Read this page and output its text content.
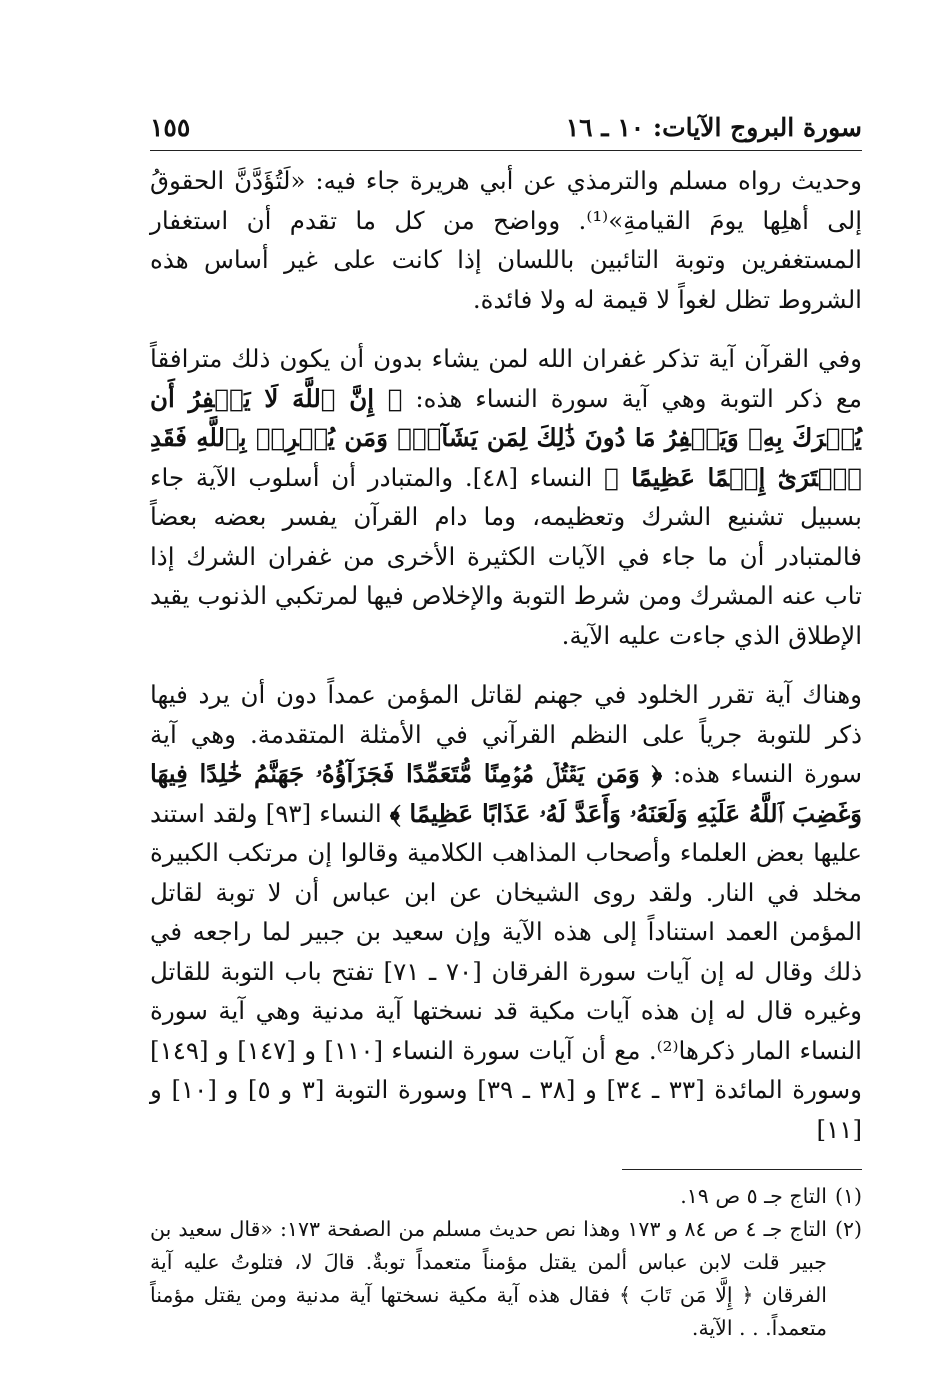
سورة البروج الآيات: ١٠ ـ ١٦
١٥٥

وحديث رواه مسلم والترمذي عن أبي هريرة جاء فيه: «لَتُؤَدَّنَّ الحقوقُ إلى أهلِها يومَ القيامةِ»⁽¹⁾. وواضح من كل ما تقدم أن استغفار المستغفرين وتوبة التائبين باللسان إذا كانت على غير أساس هذه الشروط تظل لغواً لا قيمة له ولا فائدة.

وفي القرآن آية تذكر غفران الله لمن يشاء بدون أن يكون ذلك مترافقاً مع ذكر التوبة وهي آية سورة النساء هذه: ﴿ إِنَّ ٱللَّهَ لَا يَغۡفِرُ أَن يُشۡرَكَ بِهِۦ وَيَغۡفِرُ مَا دُونَ ذَٰلِكَ لِمَن يَشَآءُۚ وَمَن يُشۡرِكۡ بِٱللَّهِ فَقَدِ ٱفۡتَرَىٰٓ إِثۡمًا عَظِيمًا ﴾ النساء [٤٨]. والمتبادر أن أسلوب الآية جاء بسبيل تشنيع الشرك وتعظيمه، وما دام القرآن يفسر بعضه بعضاً فالمتبادر أن ما جاء في الآيات الكثيرة الأخرى من غفران الشرك إذا تاب عنه المشرك ومن شرط التوبة والإخلاص فيها لمرتكبي الذنوب يقيد الإطلاق الذي جاءت عليه الآية.

وهناك آية تقرر الخلود في جهنم لقاتل المؤمن عمداً دون أن يرد فيها ذكر للتوبة جرياً على النظم القرآني في الأمثلة المتقدمة. وهي آية سورة النساء هذه: ﴿ وَمَن يَقۡتُلۡ مُؤۡمِنًا مُّتَعَمِّدًا فَجَزَآؤُهُۥ جَهَنَّمُ خَٰلِدًا فِيهَا وَغَضِبَ ٱللَّهُ عَلَيۡهِ وَلَعَنَهُۥ وَأَعَدَّ لَهُۥ عَذَابًا عَظِيمًا ﴾ النساء [٩٣] ولقد استند عليها بعض العلماء وأصحاب المذاهب الكلامية وقالوا إن مرتكب الكبيرة مخلد في النار. ولقد روى الشيخان عن ابن عباس أن لا توبة لقاتل المؤمن العمد استناداً إلى هذه الآية وإن سعيد بن جبير لما راجعه في ذلك وقال له إن آيات سورة الفرقان [٧٠ ـ ٧١] تفتح باب التوبة للقاتل وغيره قال له إن هذه آيات مكية قد نسختها آية مدنية وهي آية سورة النساء المار ذكرها⁽²⁾. مع أن آيات سورة النساء [١١٠] و [١٤٧] و [١٤٩] وسورة المائدة [٣٣ ـ ٣٤] و [٣٨ ـ ٣٩] وسورة التوبة [٣ و ٥] و [١٠] و [١١]

(١)
التاج جـ ٥ ص ١٩.
(٢)
التاج جـ ٤ ص ٨٤ و ١٧٣ وهذا نص حديث مسلم من الصفحة ١٧٣: «قال سعيد بن جبير قلت لابن عباس ألمن يقتل مؤمناً متعمداً توبةٌ. قالَ لا، فتلوتُ عليه آية الفرقان ﴿ إِلَّا مَن تَابَ ﴾ فقال هذه آية مكية نسختها آية مدنية ومن يقتل مؤمناً متعمداً. . . الآية.
